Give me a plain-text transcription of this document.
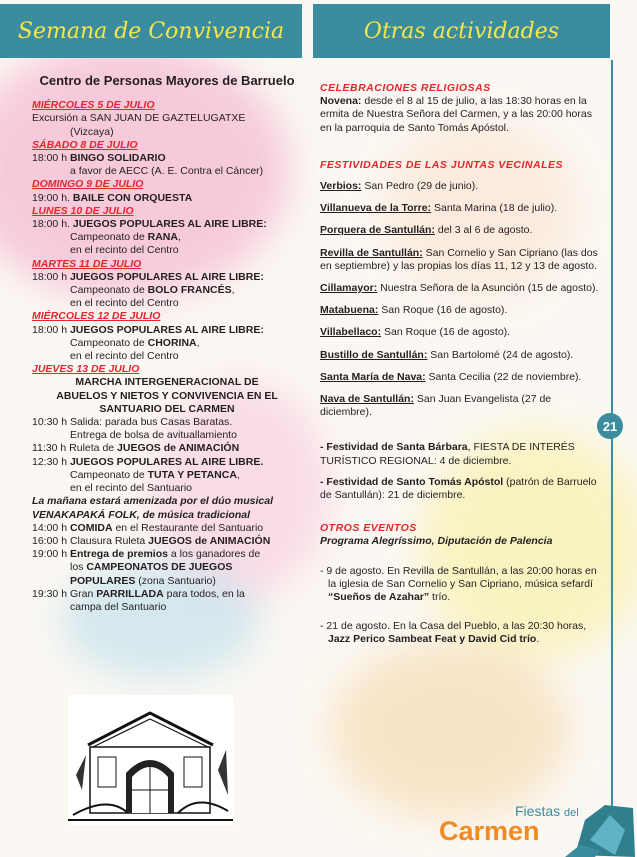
Semana de Convivencia	Otras actividades
Centro de Personas Mayores de Barruelo
MIÉRCOLES 5 DE JULIO
Excursión a SAN JUAN DE GAZTELUGATXE
(Vizcaya)
SÁBADO 8 DE JULIO
18:00 h BINGO SOLIDARIO
a favor de AECC (A. E. Contra el Cáncer)
DOMINGO 9 DE JULIO
19:00 h. BAILE CON ORQUESTA
LUNES 10 DE JULIO
18:00 h. JUEGOS POPULARES AL AIRE LIBRE:
Campeonato de RANA,
en el recinto del Centro
MARTES 11 DE JULIO
18:00 h JUEGOS POPULARES AL AIRE LIBRE:
Campeonato de BOLO FRANCÉS,
en el recinto del Centro
MIÉRCOLES 12 DE JULIO
18:00 h JUEGOS POPULARES AL AIRE LIBRE:
Campeonato de CHORINA,
en el recinto del Centro
JUEVES 13 DE JULIO
MARCHA INTERGENERACIONAL DE
ABUELOS Y NIETOS Y CONVIVENCIA EN EL
SANTUARIO DEL CARMEN
10:30 h Salida: parada bus Casas Baratas.
Entrega de bolsa de avituallamiento
11:30 h Ruleta de JUEGOS de ANIMACIÓN
12:30 h JUEGOS POPULARES AL AIRE LIBRE.
Campeonato de TUTA Y PETANCA,
en el recinto del Santuario
La mañana estará amenizada por el dúo musical
VENAKAPAKÁ FOLK, de música tradicional
14:00 h COMIDA en el Restaurante del Santuario
16:00 h Clausura Ruleta JUEGOS de ANIMACIÓN
19:00 h Entrega de premios a los ganadores de
los CAMPEONATOS DE JUEGOS
POPULARES (zona Santuario)
19:30 h Gran PARRILLADA para todos, en la
campa del Santuario
CELEBRACIONES RELIGIOSAS
Novena: desde el 8 al 15 de julio, a las 18:30 horas en la ermita de Nuestra Señora del Carmen, y a las 20:00 horas en la parroquia de Santo Tomás Apóstol.
FESTIVIDADES DE LAS JUNTAS VECINALES
Verbios: San Pedro (29 de junio).
Villanueva de la Torre: Santa Marina (18 de julio).
Porquera de Santullán: del 3 al 6 de agosto.
Revilla de Santullán: San Cornelio y San Cipriano (las dos en septiembre) y las propias los días 11, 12 y 13 de agosto.
Cillamayor: Nuestra Señora de la Asunción (15 de agosto).
Matabuena: San Roque (16 de agosto).
Villabellaco: San Roque (16 de agosto).
Bustillo de Santullán: San Bartolomé (24 de agosto).
Santa María de Nava: Santa Cecilia (22 de noviembre).
Nava de Santullán: San Juan Evangelista (27 de diciembre).
- Festividad de Santa Bárbara, FIESTA DE INTERÉS TURÍSTICO REGIONAL: 4 de diciembre.
- Festividad de Santo Tomás Apóstol (patrón de Barruelo de Santullán): 21 de diciembre.
OTROS EVENTOS
Programa Alegríssimo, Diputación de Palencia
- 9 de agosto. En Revilla de Santullán, a las 20:00 horas en la iglesia de San Cornelio y San Cipriano, música sefardí “Sueños de Azahar” trío.
- 21 de agosto. En la Casa del Pueblo, a las 20:30 horas, Jazz Perico Sambeat Feat y David Cid trío.
21
Fiestas del
Carmen
